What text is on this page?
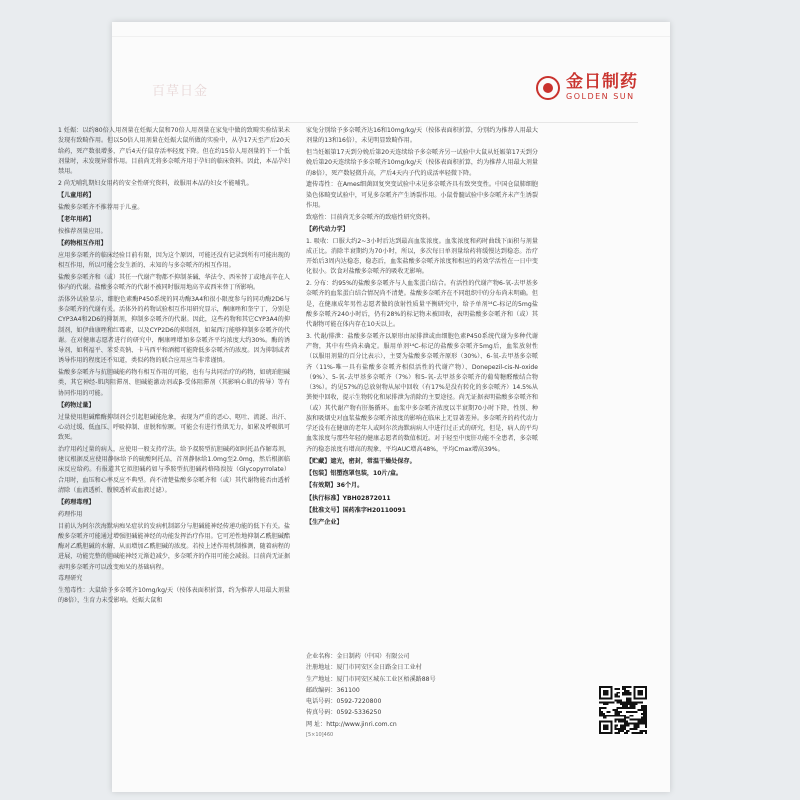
百草日金	金日制药
GOLDEN SUN

1 妊娠：以约80倍人用剂量在妊娠大鼠和70倍人用剂量在家兔中做的致畸实验结果未发现有致畸作用。但以50倍人用剂量在妊娠大鼠所做的实验中，从孕17天至产后20天给药，死产数很增多，产后4天仔鼠存活率轻度下降。但在约15倍人用剂量的下一个低剂量时，未发现异常作用。目前尚无将多奈哌齐用于孕妇的临床资料。因此，本品孕妇禁用。

2 尚无哺乳期妇女用药的安全性研究资料，故服用本品的妇女不能哺乳。

【儿童用药】

盐酸多奈哌齐不推荐用于儿童。

【老年用药】

按推荐剂量应用。

【药物相互作用】

应用多奈哌齐的临床经验目前有限，因为这个原因，可能还没有记录到所有可能出现的相互作用，所以可能会发生新的、未知的与多奈哌齐的相互作用。

盐酸多奈哌齐和（或）其任一代谢产物都不抑制茶碱、华法令、西米替丁或地高辛在人体内的代谢。盐酸多奈哌齐的代谢不被同时服用地高辛或西米替丁所影响。

活体外试验显示，细胞色素酶P450系统的同功酶3A4和很小限度参与的同功酶2D6与多奈哌齐的代谢有关。活体外的药物试验相互作用研究显示，酮康唑和奎宁丁，分别是CYP3A4和2D6的抑制剂，抑制多奈哌齐的代谢。因此，这些药物和其它CYP3A4的抑制剂，如伊曲康唑和红霉素，以及CYP2D6的抑制剂，如氟西汀能够抑制多奈哌齐的代谢。在对健康志愿者进行的研究中，酮康唑增加多奈哌齐平均浓度大约30%。酶的诱导剂，如利福平、苯妥英钠、卡马西平和酒精可能降低多奈哌齐的浓度。因为抑制或者诱导作用的程度还不知道，类似药物的联合应用应当非常谨慎。

盐酸多奈哌齐与抗胆碱能药物有相互作用的可能，也有与共同治疗的药物，如琥珀胆碱类，其它神经-肌肉阻滞剂、胆碱能激动剂或β-受体阻滞剂（其影响心肌的传导）等有协同作用的可能。

【药物过量】

过量使用胆碱酯酶抑制剂会引起胆碱能危象，表现为严重的恶心、呕吐、流涎、出汗、心动过缓、低血压、呼吸抑制、虚脱和惊厥。可能会有进行性肌无力，如累及呼吸肌可致死。

治疗用药过量的病人，应使用一般支持疗法。给予叔胺型抗胆碱药如阿托品作解毒剂，建议根据反应使用静脉给予的硫酸阿托品，首剂静脉给1.0mg至2.0mg，然后根据临床反应给药。有报道其它拟胆碱药如与季胺型抗胆碱药格隆溴铵（Glycopyrrolate）合用时，血压和心率反应不典型。尚不清楚盐酸多奈哌齐和（或）其代谢物能否由透析清除（血液透析、腹膜透析或血液过滤）。

【药理毒理】

药理作用

目前认为阿尔茨海默病痴呆症状的发病机制部分与胆碱能神经传递功能的低下有关。盐酸多奈哌齐可能通过增强胆碱能神经的功能发挥治疗作用。它可逆性地抑制乙酰胆碱酯酶对乙酰胆碱的水解，从而增加乙酰胆碱的浓度。若按上述作用机制推测，随着病程的进展，功能完整的胆碱能神经元渐趋减少，多奈哌齐的作用可能会减弱。目前尚无证据表明多奈哌齐可以改变痴呆的基础病程。

毒理研究

生殖毒性：大鼠给予多奈哌齐10mg/kg/天（按体表面积折算，约为推荐人用最大剂量的8倍），生育力未受影响。妊娠大鼠和

家兔分别给予多奈哌齐达16和10mg/kg/天（按体表面积折算，分别约为推荐人用最大剂量的13和16倍），未见明显致畸作用。

但当妊娠第17天到分娩后第20天连续给予多奈哌齐另一试验中大鼠从妊娠第17天到分娩后第20天连续给予多奈哌齐10mg/kg/天（按体表面积折算，约为推荐人用最大剂量的8倍），死产数轻微升高，产后4天内子代的成活率轻微下降。

遗传毒性：在Ames细菌回复突变试验中未见多奈哌齐具有致突变性。中国仓鼠肺细胞染色体畸变试验中，可见多奈哌齐产生诱裂作用。小鼠骨髓试验中多奈哌齐未产生诱裂作用。

致癌性：目前尚无多奈哌齐的致癌性研究资料。

【药代动力学】

1. 吸收：口服大约2~3小时后达到最高血浆浓度。血浆浓度和药时曲线下面积与剂量成正比。消除半衰期约为70小时，所以，多次每日单剂量给药将缓慢达到稳态。治疗开始后3周内达稳态，稳态后，血浆盐酸多奈哌齐浓度和相应的药效学活性在一日中变化很小。饮食对盐酸多奈哌齐的吸收无影响。

2. 分布：约95%的盐酸多奈哌齐与人血浆蛋白结合。有活性的代谢产物6-氧-去甲基多奈哌齐的血浆蛋白结合情况尚不清楚。盐酸多奈哌齐在不同组织中的分布尚未明确。但是，在健康成年男性志愿者做的放射性质量平衡研究中，给予单剂¹⁴C-标记的5mg盐酸多奈哌齐240小时后，仍有28%的标记物未被回收，表明盐酸多奈哌齐和（或）其代谢物可能在体内存在10天以上。

3. 代谢/排泄：盐酸多奈哌齐以原形由尿排泄或由细胞色素P450系统代谢为多种代谢产物，其中有些尚未确定。服用单剂¹⁴C-标记的盐酸多奈哌齐5mg后，血浆放射性（以服用剂量的百分比表示），主要为盐酸多奈哌齐原形（30%）、6-氧-去甲基多奈哌齐（11%-唯一具有盐酸多奈哌齐相似活性的代谢产物）、Donepezil-cis-N-oxide（9%）、5-氧-去甲基多奈哌齐（7%）和5-氧-去甲基多奈哌齐的葡萄糖醛酸结合物（3%）。约见57%的总放射物从尿中回收（有17%是没有转化的多奈哌齐）14.5%从粪便中回收，提示生物转化和尿排泄为消除的主要途径。尚无证据表明盐酸多奈哌齐和（或）其代谢产物有肝肠循环。血浆中多奈哌齐浓度以半衰期70小时下降，性别、种族和吸烟史对血浆盐酸多奈哌齐浓度的影响在临床上无显著差异。多奈哌齐的药代动力学还没有在健康的老年人或阿尔茨海默病病人中进行过正式的研究，但是，病人的平均血浆浓度与那些年轻的健康志愿者的数值相近。对于轻至中度肝功能不全患者，多奈哌齐的稳态浓度有增高的现象，平均AUC增高48%，平均Cmax增高39%。

【贮藏】遮光，密封，常温干燥处保存。

【包装】铝塑泡罩包装，10片/盒。

【有效期】36个月。

【执行标准】YBH02872011

【批准文号】国药准字H20110091

【生产企业】

企业名称：金日制药（中国）有限公司
注册地址：厦门市同安区金日路金日工业村
生产地址：厦门市同安区城东工业区梧溪路88号
邮政编码：361100
电话号码：0592-7220800
传真号码：0592-5336250
网 址：http://www.jinri.com.cn
[5×10]460
